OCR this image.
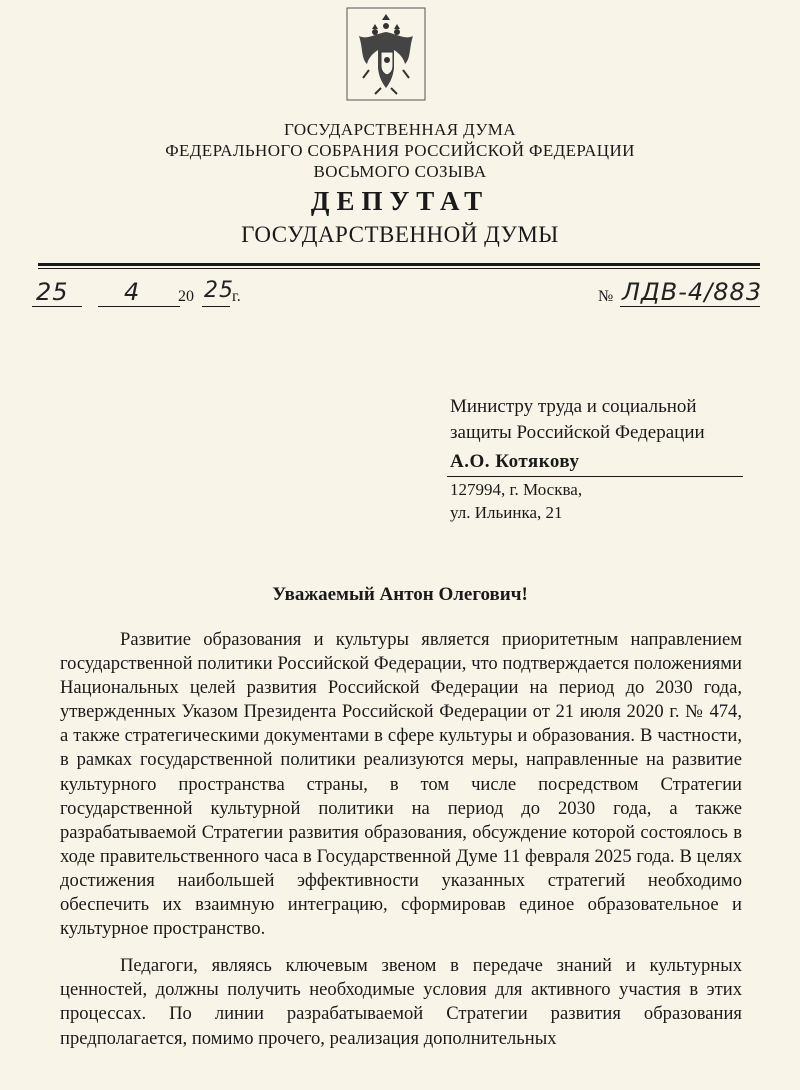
ГОСУДАРСТВЕННАЯ ДУМА
ФЕДЕРАЛЬНОГО СОБРАНИЯ РОССИЙСКОЙ ФЕДЕРАЦИИ
ВОСЬМОГО СОЗЫВА
ДЕПУТАТ
ГОСУДАРСТВЕННОЙ ДУМЫ
25 4 20 25
г.	№ ЛДВ-4/883
Министру труда и социальной
защиты Российской Федерации
А.О. Котякову
127994, г. Москва,
ул. Ильинка, 21
Уважаемый Антон Олегович!

Развитие образования и культуры является приоритетным направлением государственной политики Российской Федерации, что подтверждается положениями Национальных целей развития Российской Федерации на период до 2030 года, утвержденных Указом Президента Российской Федерации от 21 июля 2020 г. № 474, а также стратегическими документами в сфере культуры и образования. В частности, в рамках государственной политики реализуются меры, направленные на развитие культурного пространства страны, в том числе посредством Стратегии государственной культурной политики на период до 2030 года, а также разрабатываемой Стратегии развития образования, обсуждение которой состоялось в ходе правительственного часа в Государственной Думе 11 февраля 2025 года. В целях достижения наибольшей эффективности указанных стратегий необходимо обеспечить их взаимную интеграцию, сформировав единое образовательное и культурное пространство.

Педагоги, являясь ключевым звеном в передаче знаний и культурных ценностей, должны получить необходимые условия для активного участия в этих процессах. По линии разрабатываемой Стратегии развития образования предполагается, помимо прочего, реализация дополнительных
